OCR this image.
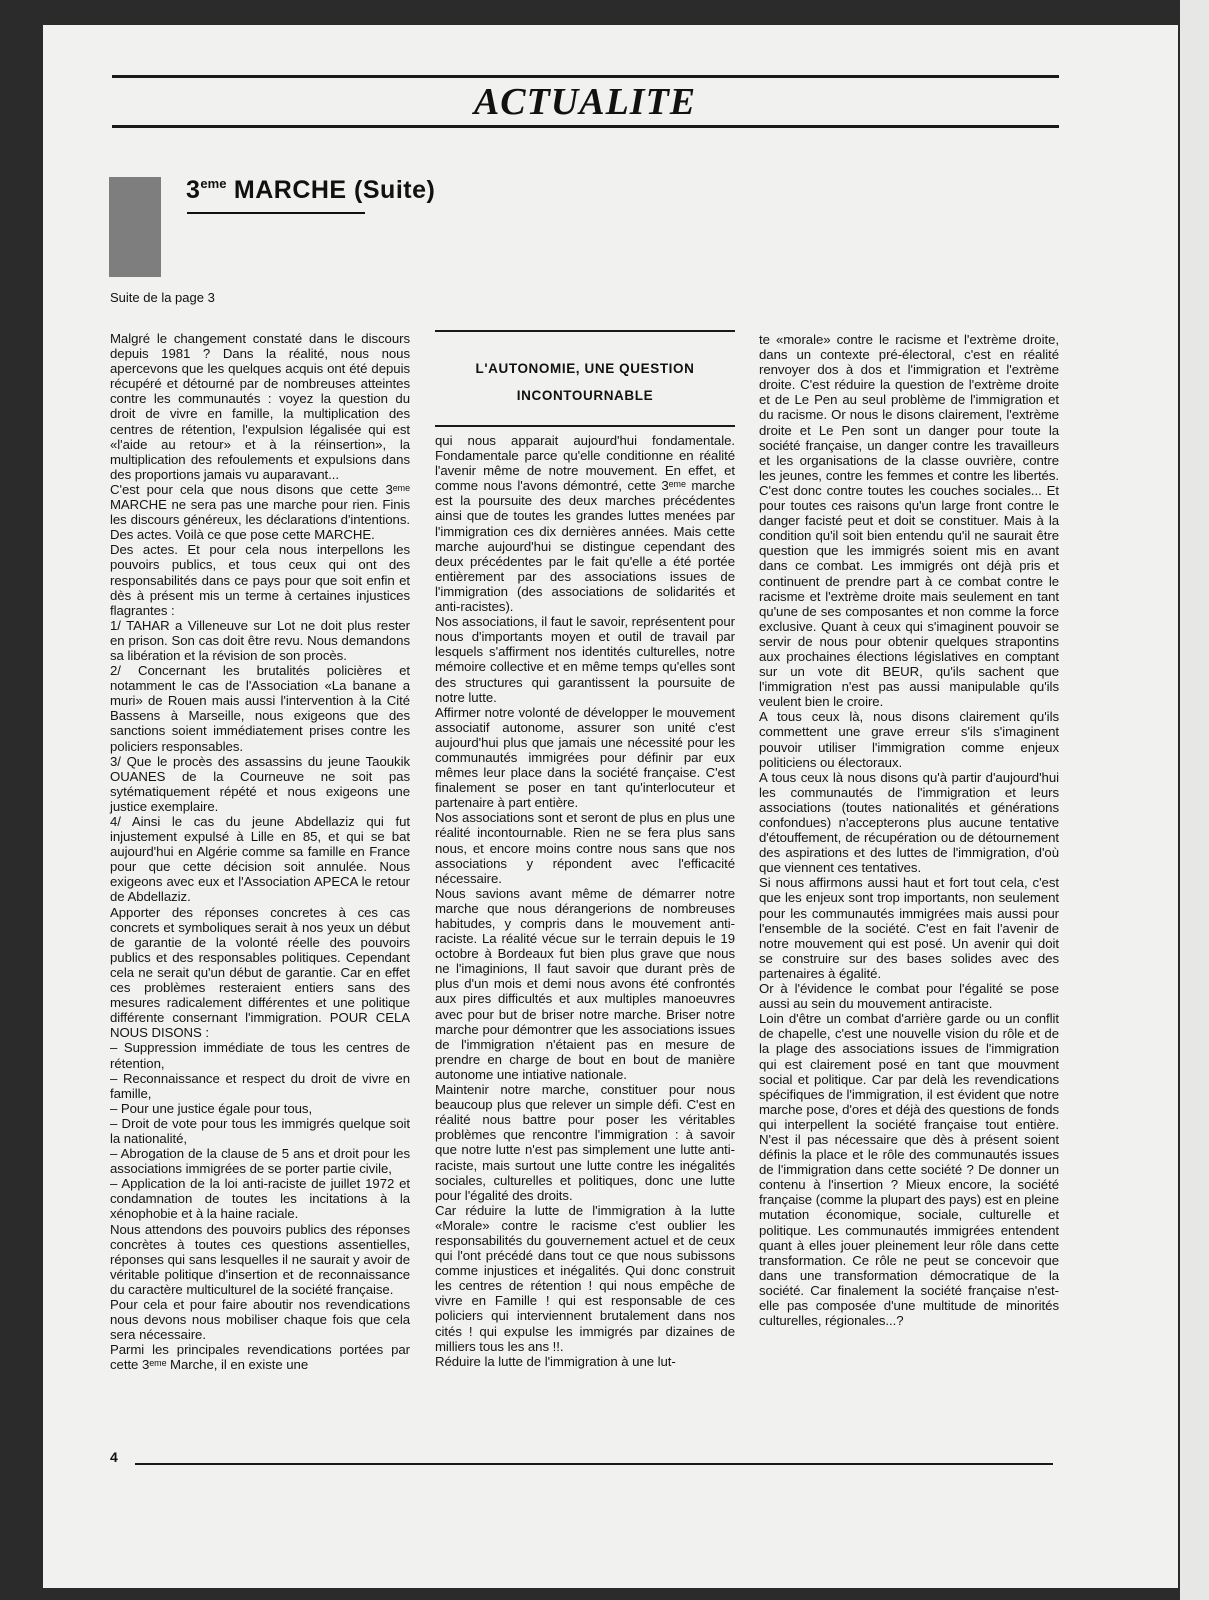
ACTUALITE
3eme MARCHE (Suite)
Suite de la page 3
Malgré le changement constaté dans le discours depuis 1981 ? Dans la réalité, nous nous apercevons que les quelques acquis ont été depuis récupéré et détourné par de nombreuses atteintes contre les communautés : voyez la question du droit de vivre en famille, la multiplication des centres de rétention, l'expulsion légalisée qui est «l'aide au retour» et à la réinsertion», la multiplication des refoulements et expulsions dans des proportions jamais vu auparavant...
C'est pour cela que nous disons que cette 3ᵉᵐᵉ MARCHE ne sera pas une marche pour rien. Finis les discours généreux, les déclarations d'intentions. Des actes. Voilà ce que pose cette MARCHE.
Des actes. Et pour cela nous interpellons les pouvoirs publics, et tous ceux qui ont des responsabilités dans ce pays pour que soit enfin et dès à présent mis un terme à certaines injustices flagrantes :
1/ TAHAR a Villeneuve sur Lot ne doit plus rester en prison. Son cas doit être revu. Nous demandons sa libération et la révision de son procès.
2/ Concernant les brutalités policières et notamment le cas de l'Association «La banane a muri» de Rouen mais aussi l'intervention à la Cité Bassens à Marseille, nous exigeons que des sanctions soient immédiatement prises contre les policiers responsables.
3/ Que le procès des assassins du jeune Taoukik OUANES de la Courneuve ne soit pas sytématiquement répété et nous exigeons une justice exemplaire.
4/ Ainsi le cas du jeune Abdellaziz qui fut injustement expulsé à Lille en 85, et qui se bat aujourd'hui en Algérie comme sa famille en France pour que cette décision soit annulée. Nous exigeons avec eux et l'Association APECA le retour de Abdellaziz.
Apporter des réponses concretes à ces cas concrets et symboliques serait à nos yeux un début de garantie de la volonté réelle des pouvoirs publics et des responsables politiques. Cependant cela ne serait qu'un début de garantie. Car en effet ces problèmes resteraient entiers sans des mesures radicalement différentes et une politique différente consernant l'immigration. POUR CELA NOUS DISONS :
– Suppression immédiate de tous les centres de rétention,
– Reconnaissance et respect du droit de vivre en famille,
– Pour une justice égale pour tous,
– Droit de vote pour tous les immigrés quelque soit la nationalité,
– Abrogation de la clause de 5 ans et droit pour les associations immigrées de se porter partie civile,
– Application de la loi anti-raciste de juillet 1972 et condamnation de toutes les incitations à la xénophobie et à la haine raciale.
Nous attendons des pouvoirs publics des réponses concrètes à toutes ces questions assentielles, réponses qui sans lesquelles il ne saurait y avoir de véritable politique d'insertion et de reconnaissance du caractère multiculturel de la société française.
Pour cela et pour faire aboutir nos revendications nous devons nous mobiliser chaque fois que cela sera nécessaire.
Parmi les principales revendications portées par cette 3ᵉᵐᵉ Marche, il en existe une
L'AUTONOMIE, UNE QUESTION INCONTOURNABLE
qui nous apparait aujourd'hui fondamentale. Fondamentale parce qu'elle conditionne en réalité l'avenir même de notre mouvement. En effet, et comme nous l'avons démontré, cette 3ᵉᵐᵉ marche est la poursuite des deux marches précédentes ainsi que de toutes les grandes luttes menées par l'immigration ces dix dernières années. Mais cette marche aujourd'hui se distingue cependant des deux précédentes par le fait qu'elle a été portée entièrement par des associations issues de l'immigration (des associations de solidarités et anti-racistes).
Nos associations, il faut le savoir, représentent pour nous d'importants moyen et outil de travail par lesquels s'affirment nos identités culturelles, notre mémoire collective et en même temps qu'elles sont des structures qui garantissent la poursuite de notre lutte.
Affirmer notre volonté de développer le mouvement associatif autonome, assurer son unité c'est aujourd'hui plus que jamais une nécessité pour les communautés immigrées pour définir par eux mêmes leur place dans la société française. C'est finalement se poser en tant qu'interlocuteur et partenaire à part entière.
Nos associations sont et seront de plus en plus une réalité incontournable. Rien ne se fera plus sans nous, et encore moins contre nous sans que nos associations y répondent avec l'efficacité nécessaire.
Nous savions avant même de démarrer notre marche que nous dérangerions de nombreuses habitudes, y compris dans le mouvement anti-raciste. La réalité vécue sur le terrain depuis le 19 octobre à Bordeaux fut bien plus grave que nous ne l'imaginions, Il faut savoir que durant près de plus d'un mois et demi nous avons été confrontés aux pires difficultés et aux multiples manoeuvres avec pour but de briser notre marche. Briser notre marche pour démontrer que les associations issues de l'immigration n'étaient pas en mesure de prendre en charge de bout en bout de manière autonome une intiative nationale.
Maintenir notre marche, constituer pour nous beaucoup plus que relever un simple défi. C'est en réalité nous battre pour poser les véritables problèmes que rencontre l'immigration : à savoir que notre lutte n'est pas simplement une lutte anti-raciste, mais surtout une lutte contre les inégalités sociales, culturelles et politiques, donc une lutte pour l'égalité des droits.
Car réduire la lutte de l'immigration à la lutte «Morale» contre le racisme c'est oublier les responsabilités du gouvernement actuel et de ceux qui l'ont précédé dans tout ce que nous subissons comme injustices et inégalités. Qui donc construit les centres de rétention ! qui nous empêche de vivre en Famille ! qui est responsable de ces policiers qui interviennent brutalement dans nos cités ! qui expulse les immigrés par dizaines de milliers tous les ans !!.
Réduire la lutte de l'immigration à une lut-
te «morale» contre le racisme et l'extrème droite, dans un contexte pré-électoral, c'est en réalité renvoyer dos à dos et l'immigration et l'extrème droite. C'est réduire la question de l'extrème droite et de Le Pen au seul problème de l'immigration et du racisme. Or nous le disons clairement, l'extrème droite et Le Pen sont un danger pour toute la société française, un danger contre les travailleurs et les organisations de la classe ouvrière, contre les jeunes, contre les femmes et contre les libertés. C'est donc contre toutes les couches sociales... Et pour toutes ces raisons qu'un large front contre le danger facisté peut et doit se constituer. Mais à la condition qu'il soit bien entendu qu'il ne saurait être question que les immigrés soient mis en avant dans ce combat. Les immigrés ont déjà pris et continuent de prendre part à ce combat contre le racisme et l'extrème droite mais seulement en tant qu'une de ses composantes et non comme la force exclusive. Quant à ceux qui s'imaginent pouvoir se servir de nous pour obtenir quelques strapontins aux prochaines élections législatives en comptant sur un vote dit BEUR, qu'ils sachent que l'immigration n'est pas aussi manipulable qu'ils veulent bien le croire.
A tous ceux là, nous disons clairement qu'ils commettent une grave erreur s'ils s'imaginent pouvoir utiliser l'immigration comme enjeux politiciens ou électoraux.
A tous ceux là nous disons qu'à partir d'aujourd'hui les communautés de l'immigration et leurs associations (toutes nationalités et générations confondues) n'accepterons plus aucune tentative d'étouffement, de récupération ou de détournement des aspirations et des luttes de l'immigration, d'où que viennent ces tentatives.
Si nous affirmons aussi haut et fort tout cela, c'est que les enjeux sont trop importants, non seulement pour les communautés immigrées mais aussi pour l'ensemble de la société. C'est en fait l'avenir de notre mouvement qui est posé. Un avenir qui doit se construire sur des bases solides avec des partenaires à égalité.
Or à l'évidence le combat pour l'égalité se pose aussi au sein du mouvement antiraciste.
Loin d'être un combat d'arrière garde ou un conflit de chapelle, c'est une nouvelle vision du rôle et de la plage des associations issues de l'immigration qui est clairement posé en tant que mouvment social et politique. Car par delà les revendications spécifiques de l'immigration, il est évident que notre marche pose, d'ores et déjà des questions de fonds qui interpellent la société française tout entière. N'est il pas nécessaire que dès à présent soient définis la place et le rôle des communautés issues de l'immigration dans cette société ? De donner un contenu à l'insertion ? Mieux encore, la société française (comme la plupart des pays) est en pleine mutation économique, sociale, culturelle et politique. Les communautés immigrées entendent quant à elles jouer pleinement leur rôle dans cette transformation. Ce rôle ne peut se concevoir que dans une transformation démocratique de la société. Car finalement la société française n'est-elle pas composée d'une multitude de minorités culturelles, régionales...?
4
